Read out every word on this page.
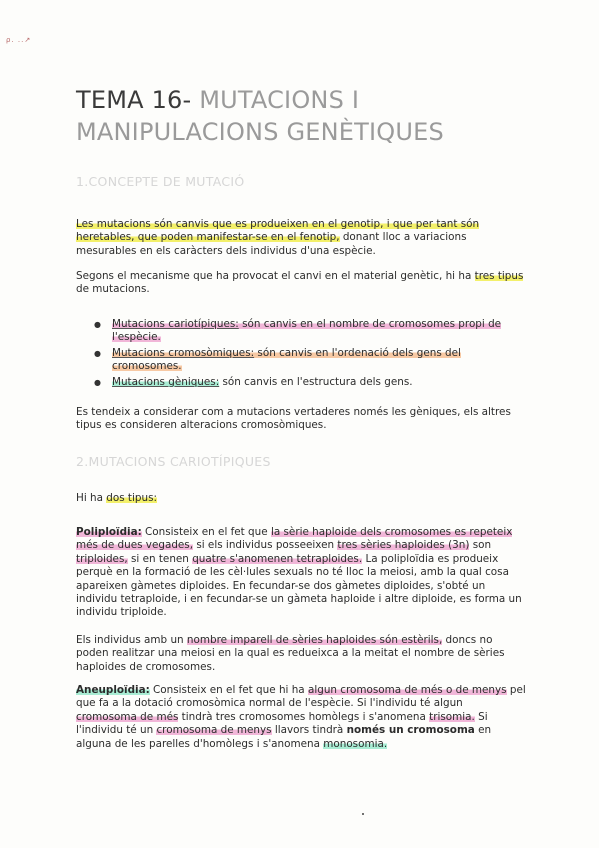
ρ. ..↗
TEMA 16- MUTACIONS I
MANIPULACIONS GENÈTIQUES
1.CONCEPTE DE MUTACIÓ

Les mutacions són canvis que es produeixen en el genotip, i que per tant són heretables, que poden manifestar-se en el fenotip, donant lloc a variacions mesurables en els caràcters dels individus d'una espècie.

Segons el mecanisme que ha provocat el canvi en el material genètic, hi ha tres tipus de mutacions.

● Mutacions cariotípiques: són canvis en el nombre de cromosomes propi de l'espècie.
● Mutacions cromosòmiques: són canvis en l'ordenació dels gens del cromosomes.
● Mutacions gèniques: són canvis en l'estructura dels gens.

Es tendeix a considerar com a mutacions vertaderes només les gèniques, els altres tipus es consideren alteracions cromosòmiques.

2.MUTACIONS CARIOTÍPIQUES

Hi ha dos tipus:

Poliploïdia: Consisteix en el fet que la sèrie haploide dels cromosomes es repeteix més de dues vegades, si els individus posseeixen tres sèries haploides (3n) son triploides, si en tenen quatre s'anomenen tetraploides. La poliploïdia es produeix perquè en la formació de les cèl·lules sexuals no té lloc la meiosi, amb la qual cosa apareixen gàmetes diploides. En fecundar-se dos gàmetes diploides, s'obté un individu tetraploide, i en fecundar-se un gàmeta haploide i altre diploide, es forma un individu triploide.

Els individus amb un nombre imparell de sèries haploides són estèrils, doncs no poden realitzar una meiosi en la qual es redueixca a la meitat el nombre de sèries haploides de cromosomes.

Aneuploïdia: Consisteix en el fet que hi ha algun cromosoma de més o de menys pel que fa a la dotació cromosòmica normal de l'espècie. Si l'individu té algun cromosoma de més tindrà tres cromosomes homòlegs i s'anomena trisomia. Si l'individu té un cromosoma de menys llavors tindrà només un cromosoma en alguna de les parelles d'homòlegs i s'anomena monosomia.
